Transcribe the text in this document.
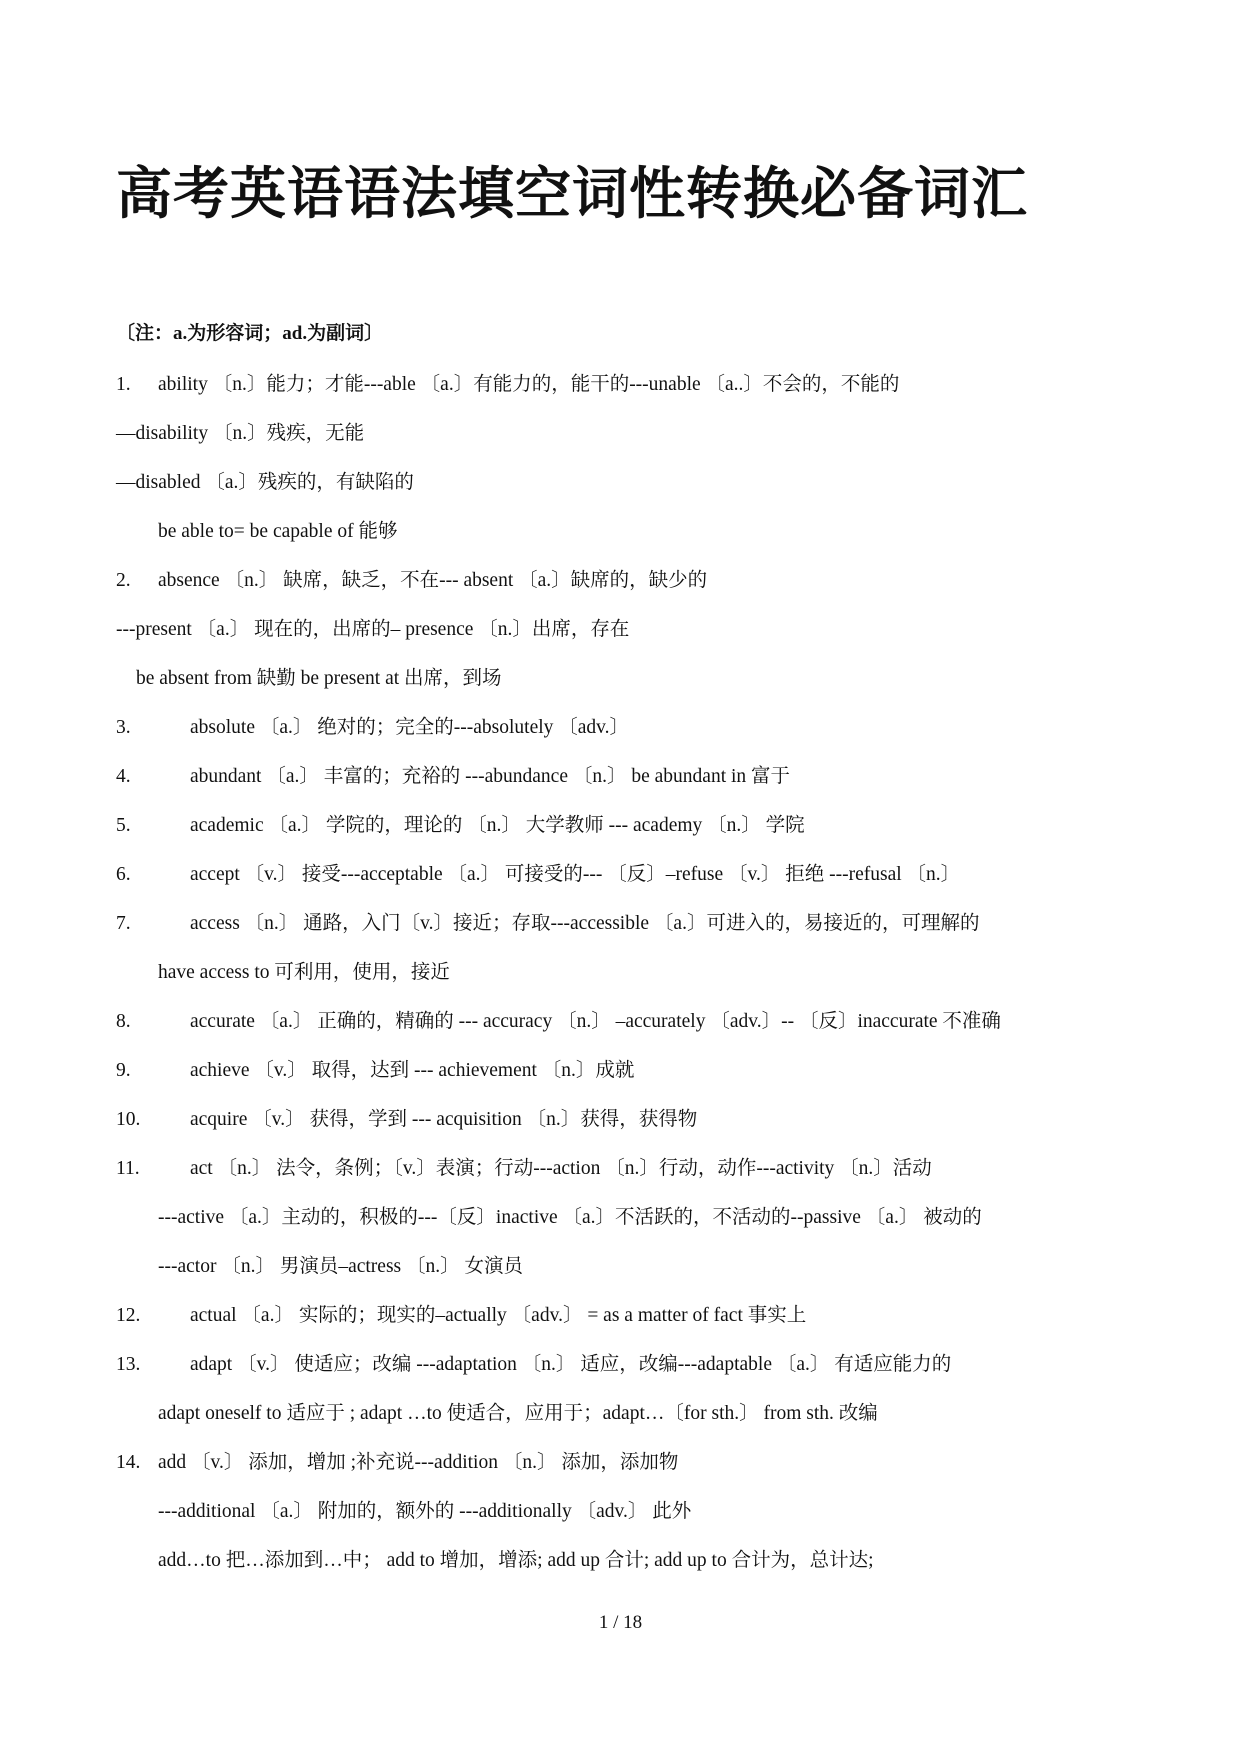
高考英语语法填空词性转换必备词汇
〔注：a.为形容词；ad.为副词〕
1. ability 〔n.〕能力；才能---able 〔a.〕有能力的，能干的---unable 〔a..〕不会的，不能的
—disability 〔n.〕残疾，无能
—disabled 〔a.〕残疾的，有缺陷的
be able to= be capable of 能够
2. absence 〔n.〕 缺席，缺乏，不在--- absent 〔a.〕缺席的，缺少的
---present 〔a.〕 现在的，出席的– presence 〔n.〕出席，存在
be absent from 缺勤 be present at 出席，到场
3.	absolute 〔a.〕 绝对的；完全的---absolutely 〔adv.〕
4.	abundant 〔a.〕 丰富的；充裕的 ---abundance 〔n.〕 be abundant in 富于
5.	academic 〔a.〕 学院的，理论的 〔n.〕 大学教师 --- academy 〔n.〕 学院
6.	accept 〔v.〕 接受---acceptable 〔a.〕 可接受的--- 〔反〕–refuse 〔v.〕 拒绝 ---refusal 〔n.〕
7.	access 〔n.〕 通路，入门〔v.〕接近；存取---accessible 〔a.〕可进入的，易接近的，可理解的
have access to 可利用，使用，接近
8.	accurate 〔a.〕 正确的，精确的 --- accuracy 〔n.〕 –accurately 〔adv.〕-- 〔反〕inaccurate 不准确
9.	achieve 〔v.〕 取得，达到 --- achievement 〔n.〕成就
10.	acquire 〔v.〕 获得，学到 --- acquisition 〔n.〕获得，获得物
11.	act 〔n.〕 法令，条例；〔v.〕表演；行动---action 〔n.〕行动，动作---activity 〔n.〕活动
---active 〔a.〕主动的，积极的---〔反〕inactive 〔a.〕不活跃的，不活动的--passive 〔a.〕 被动的
---actor 〔n.〕 男演员–actress 〔n.〕 女演员
12.	actual 〔a.〕 实际的；现实的–actually 〔adv.〕 = as a matter of fact 事实上
13.	adapt 〔v.〕 使适应；改编 ---adaptation 〔n.〕 适应，改编---adaptable 〔a.〕 有适应能力的
adapt oneself to 适应于 ; adapt …to 使适合，应用于；adapt…〔for sth.〕 from sth. 改编
14. add 〔v.〕 添加，增加 ;补充说---addition 〔n.〕 添加，添加物
---additional 〔a.〕 附加的，额外的 ---additionally 〔adv.〕 此外
add…to 把…添加到…中； add to 增加，增添; add up 合计; add up to 合计为，总计达;
1 / 18
